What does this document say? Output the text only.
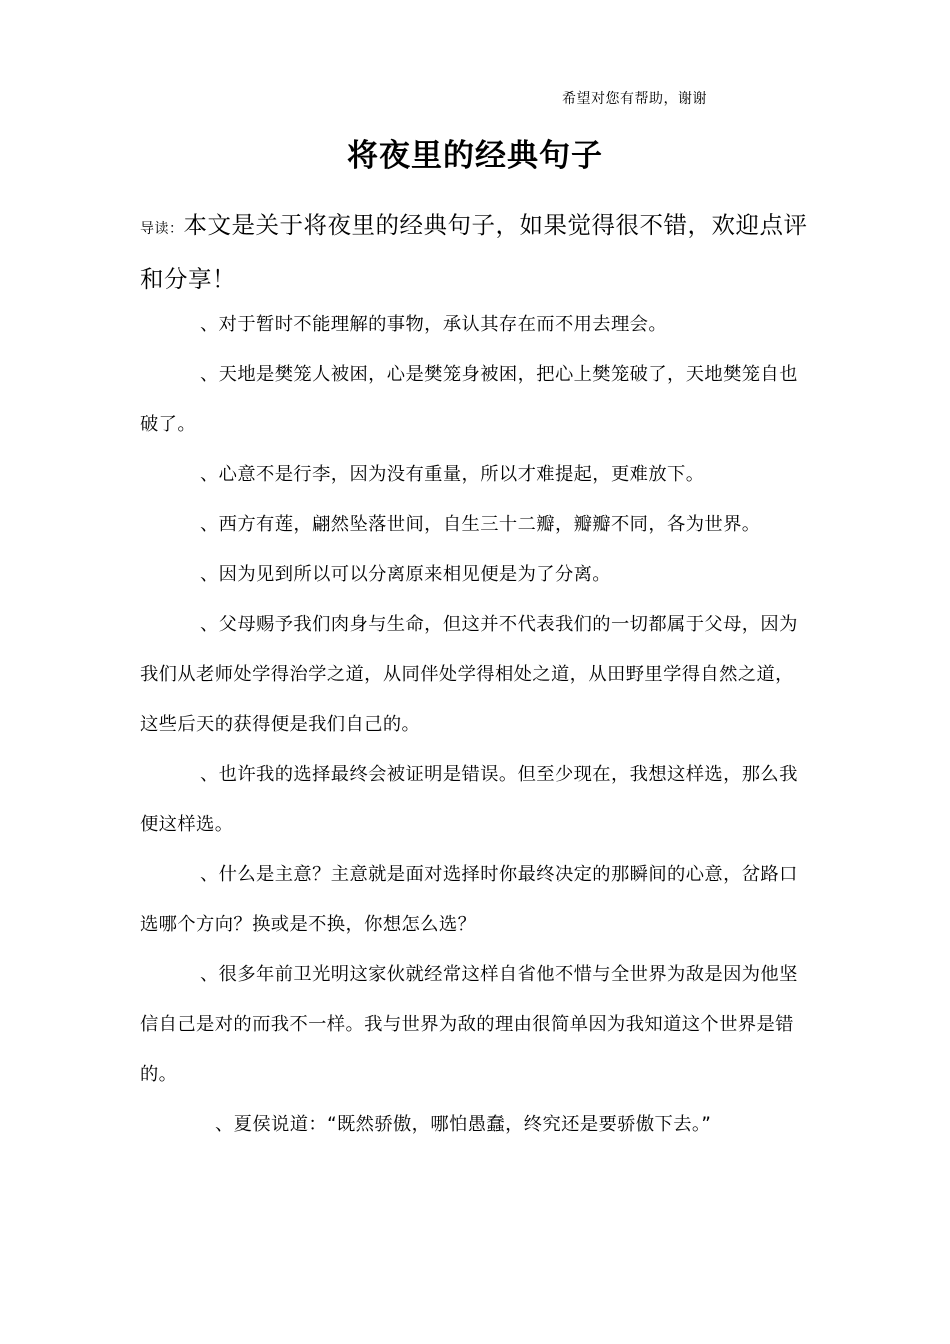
希望对您有帮助，谢谢
将夜里的经典句子
导读：本文是关于将夜里的经典句子，如果觉得很不错，欢迎点评和分享！

、对于暂时不能理解的事物，承认其存在而不用去理会。

、天地是樊笼人被困，心是樊笼身被困，把心上樊笼破了，天地樊笼自也破了。

、心意不是行李，因为没有重量，所以才难提起，更难放下。

、西方有莲，翩然坠落世间，自生三十二瓣，瓣瓣不同，各为世界。

、因为见到所以可以分离原来相见便是为了分离。

、父母赐予我们肉身与生命，但这并不代表我们的一切都属于父母，因为我们从老师处学得治学之道，从同伴处学得相处之道，从田野里学得自然之道，这些后天的获得便是我们自己的。

、也许我的选择最终会被证明是错误。但至少现在，我想这样选，那么我便这样选。

、什么是主意？主意就是面对选择时你最终决定的那瞬间的心意，岔路口选哪个方向？换或是不换，你想怎么选？

、很多年前卫光明这家伙就经常这样自省他不惜与全世界为敌是因为他坚信自己是对的而我不一样。我与世界为敌的理由很简单因为我知道这个世界是错的。

、夏侯说道：“既然骄傲，哪怕愚蠢，终究还是要骄傲下去。”
